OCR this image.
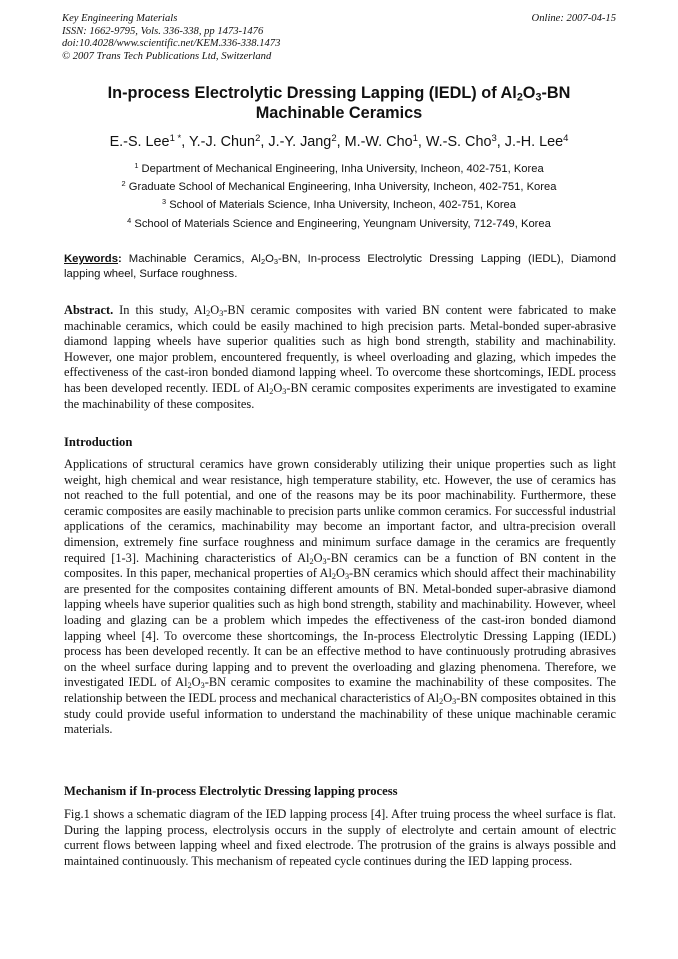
Key Engineering Materials
ISSN: 1662-9795, Vols. 336-338, pp 1473-1476
doi:10.4028/www.scientific.net/KEM.336-338.1473
© 2007 Trans Tech Publications Ltd, Switzerland
Online: 2007-04-15
In-process Electrolytic Dressing Lapping (IEDL) of $Al_2O_3-BN$
Machinable Ceramics
E.-S. Lee$^{1 *}$, Y.-J. Chun$^2$, J.-Y. Jang$^2$, M.-W. Cho$^1$, W.-S. Cho$^3$, J.-H. Lee$^4$
$^1$ Department of Mechanical Engineering, Inha University, Incheon, 402-751, Korea
$^2$ Graduate School of Mechanical Engineering, Inha University, Incheon, 402-751, Korea
$^3$ School of Materials Science, Inha University, Incheon, 402-751, Korea
$^4$ School of Materials Science and Engineering, Yeungnam University, 712-749, Korea
Keywords: Machinable Ceramics, $Al_2O_3-BN$, In-process Electrolytic Dressing Lapping (IEDL), Diamond lapping wheel, Surface roughness.
Abstract. In this study, $Al_2O_3-BN$ ceramic composites with varied BN content were fabricated to make machinable ceramics, which could be easily machined to high precision parts. Metal-bonded super-abrasive diamond lapping wheels have superior qualities such as high bond strength, stability and machinability. However, one major problem, encountered frequently, is wheel overloading and glazing, which impedes the effectiveness of the cast-iron bonded diamond lapping wheel. To overcome these shortcomings, IEDL process has been developed recently. IEDL of $Al_2O_3-BN$ ceramic composites experiments are investigated to examine the machinability of these composites.
Introduction
Applications of structural ceramics have grown considerably utilizing their unique properties such as light weight, high chemical and wear resistance, high temperature stability, etc. However, the use of ceramics has not reached to the full potential, and one of the reasons may be its poor machinability. Furthermore, these ceramic composites are easily machinable to precision parts unlike common ceramics. For successful industrial applications of the ceramics, machinability may become an important factor, and ultra-precision overall dimension, extremely fine surface roughness and minimum surface damage in the ceramics are frequently required [1-3]. Machining characteristics of $Al_2O_3-BN$ ceramics can be a function of BN content in the composites. In this paper, mechanical properties of $Al_2O_3-BN$ ceramics which should affect their machinability are presented for the composites containing different amounts of BN. Metal-bonded super-abrasive diamond lapping wheels have superior qualities such as high bond strength, stability and machinability. However, wheel loading and glazing can be a problem which impedes the effectiveness of the cast-iron bonded diamond lapping wheel [4]. To overcome these shortcomings, the In-process Electrolytic Dressing Lapping (IEDL) process has been developed recently. It can be an effective method to have continuously protruding abrasives on the wheel surface during lapping and to prevent the overloading and glazing phenomena. Therefore, we investigated IEDL of $Al_2O_3-BN$ ceramic composites to examine the machinability of these composites. The relationship between the IEDL process and mechanical characteristics of $Al_2O_3-BN$ composites obtained in this study could provide useful information to understand the machinability of these unique machinable ceramic materials.
Mechanism if In-process Electrolytic Dressing lapping process
Fig.1 shows a schematic diagram of the IED lapping process [4]. After truing process the wheel surface is flat. During the lapping process, electrolysis occurs in the supply of electrolyte and certain amount of electric current flows between lapping wheel and fixed electrode. The protrusion of the grains is always possible and maintained continuously. This mechanism of repeated cycle continues during the IED lapping process.
